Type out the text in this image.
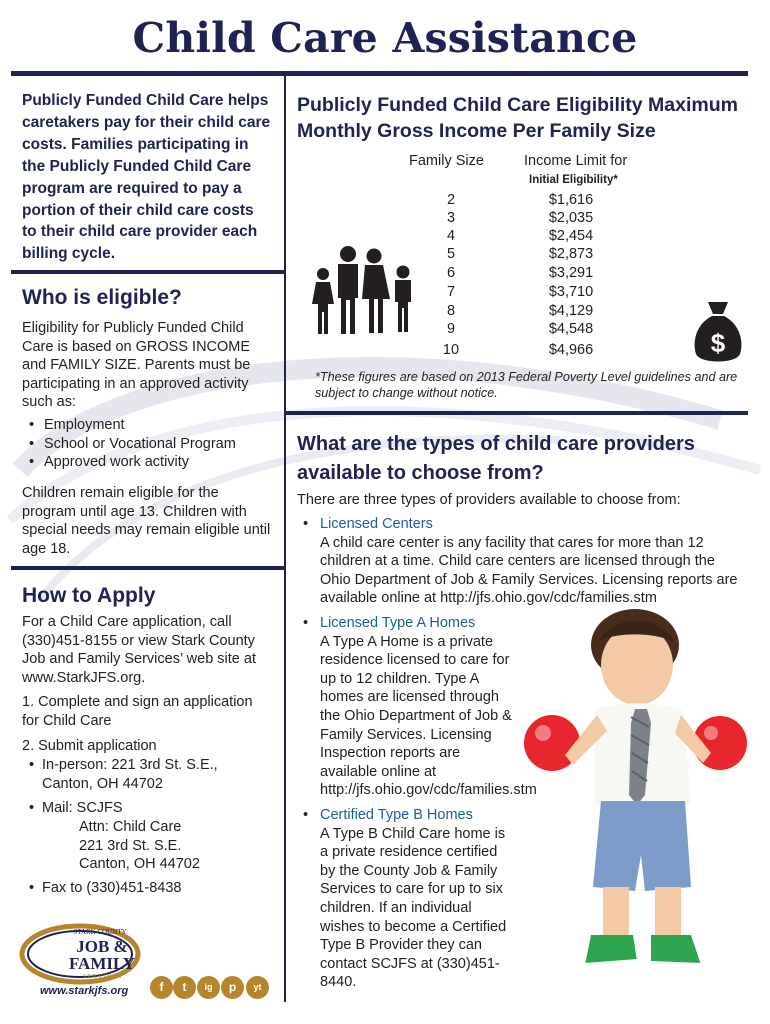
Child Care Assistance
Publicly Funded Child Care helps caretakers pay for their child care costs. Families participating in the Publicly Funded Child Care program are required to pay a portion of their child care costs to their child care provider each billing cycle.
Who is eligible?
Eligibility for Publicly Funded Child Care is based on GROSS INCOME and FAMILY SIZE. Parents must be participating in an approved activity such as:
• Employment
• School or Vocational Program
• Approved work activity
Children remain eligible for the program until age 13. Children with special needs may remain eligible until age 18.
How to Apply
For a Child Care application, call (330)451-8155 or view Stark County Job and Family Services’ web site at www.StarkJFS.org.
1. Complete and sign an application for Child Care
2. Submit application
• In-person: 221 3rd St. S.E., Canton, OH 44702
• Mail: SCJFS
Attn: Child Care
221 3rd St. S.E.
Canton, OH 44702
• Fax to (330)451-8438
STARK COUNTY
JOB &
FAMILY
S E R V I C E S
www.starkjfs.org	f	t	ig	p	yt
Publicly Funded Child Care Eligibility Maximum Monthly Gross Income Per Family Size
Family Size	Income Limit for
Initial Eligibility*
2	$1,616
3	$2,035
4	$2,454
5	$2,873
6	$3,291
7	$3,710
8	$4,129
9	$4,548
10	$4,966	$
*These figures are based on 2013 Federal Poverty Level guidelines and are subject to change without notice.
What are the types of child care providers available to choose from?
There are three types of providers available to choose from:
• Licensed Centers
A child care center is any facility that cares for more than 12 children at a time. Child care centers are licensed through the Ohio Department of Job & Family Services. Licensing reports are available online at http://jfs.ohio.gov/cdc/families.stm
• Licensed Type A Homes
A Type A Home is a private residence licensed to care for up to 12 children. Type A homes are licensed through the Ohio Department of Job & Family Services. Licensing Inspection reports are available online at http://jfs.ohio.gov/cdc/families.stm
• Certified Type B Homes
A Type B Child Care home is a private residence certified by the County Job & Family Services to care for up to six children. If an individual wishes to become a Certified Type B Provider they can contact SCJFS at (330)451-8440.
